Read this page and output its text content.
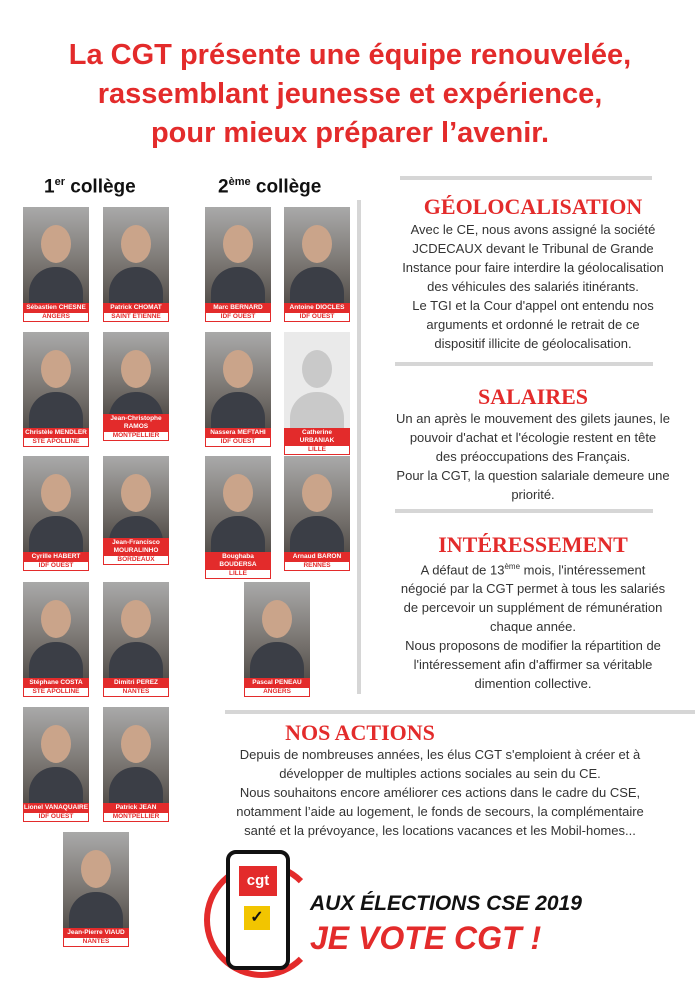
La CGT présente une équipe renouvelée,
rassemblant jeunesse et expérience,
pour mieux préparer l’avenir.
1er collège	2ème collège
Sébastien CHESNE
ANGERS
Patrick CHOMAT
SAINT ETIENNE
Marc BERNARD
IDF OUEST
Antoine DIOCLES
IDF OUEST
Christèle MENDLER
STE APOLLINE
Jean-Christophe RAMOS
MONTPELLIER	Nassera MEFTAHI
IDF OUEST
Catherine URBANIAK
LILLE
Cyrille HABERT
IDF OUEST
Jean-Francisco MOURALINHO
BORDEAUX	Boughaba BOUDERSA
LILLE
Arnaud BARON
RENNES
Stéphane COSTA
STE APOLLINE
Dimitri PEREZ
NANTES
Pascal PENEAU
ANGERS
Lionel VANAQUAIRE
IDF OUEST
Patrick JEAN
MONTPELLIER
Jean-Pierre VIAUD
NANTES
GÉOLOCALISATION

Avec le CE, nous avons assigné la société
JCDECAUX devant le Tribunal de Grande
Instance pour faire interdire la géolocalisation
des véhicules des salariés itinérants.
Le TGI et la Cour d'appel ont entendu nos
arguments et ordonné le retrait de ce
dispositif illicite de géolocalisation.

SALAIRES

Un an après le mouvement des gilets jaunes, le
pouvoir d'achat et l'écologie restent en tête
des préoccupations des Français.
Pour la CGT, la question salariale demeure une
priorité.

INTÉRESSEMENT

A défaut de 13ème mois, l'intéressement
négocié par la CGT permet à tous les salariés
de percevoir un supplément de rémunération
chaque année.
Nous proposons de modifier la répartition de
l'intéressement afin d'affirmer sa véritable
dimention collective.

NOS ACTIONS

Depuis de nombreuses années, les élus CGT s'emploient à créer et à
développer de multiples actions sociales au sein du CE.
Nous souhaitons encore améliorer ces actions dans le cadre du CSE,
notamment l’aide au logement, le fonds de secours, la complémentaire
santé et la prévoyance, les locations vacances et les Mobil-homes...

cgt
✓
AUX ÉLECTIONS CSE 2019
JE VOTE CGT !
